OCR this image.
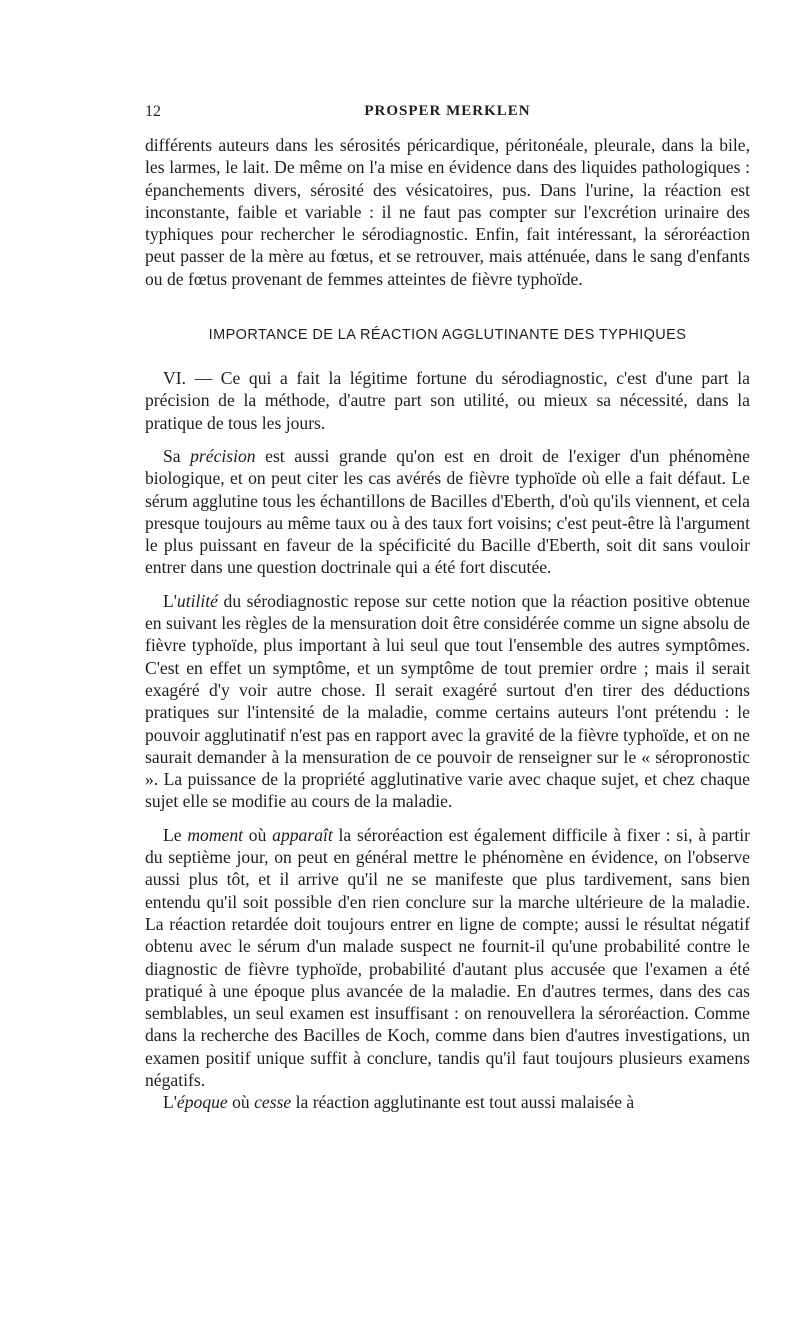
12	PROSPER MERKLEN

différents auteurs dans les sérosités péricardique, péritonéale, pleurale, dans la bile, les larmes, le lait. De même on l'a mise en évidence dans des liquides pathologiques : épanchements divers, sérosité des vésicatoires, pus. Dans l'urine, la réaction est inconstante, faible et variable : il ne faut pas compter sur l'excrétion urinaire des typhiques pour rechercher le sérodiagnostic. Enfin, fait intéressant, la séroréaction peut passer de la mère au fœtus, et se retrouver, mais atténuée, dans le sang d'enfants ou de fœtus provenant de femmes atteintes de fièvre typhoïde.

IMPORTANCE DE LA RÉACTION AGGLUTINANTE DES TYPHIQUES

VI. — Ce qui a fait la légitime fortune du sérodiagnostic, c'est d'une part la précision de la méthode, d'autre part son utilité, ou mieux sa nécessité, dans la pratique de tous les jours.

Sa précision est aussi grande qu'on est en droit de l'exiger d'un phénomène biologique, et on peut citer les cas avérés de fièvre typhoïde où elle a fait défaut. Le sérum agglutine tous les échantillons de Bacilles d'Eberth, d'où qu'ils viennent, et cela presque toujours au même taux ou à des taux fort voisins; c'est peut-être là l'argument le plus puissant en faveur de la spécificité du Bacille d'Eberth, soit dit sans vouloir entrer dans une question doctrinale qui a été fort discutée.

L'utilité du sérodiagnostic repose sur cette notion que la réaction positive obtenue en suivant les règles de la mensuration doit être considérée comme un signe absolu de fièvre typhoïde, plus important à lui seul que tout l'ensemble des autres symptômes. C'est en effet un symptôme, et un symptôme de tout premier ordre ; mais il serait exagéré d'y voir autre chose. Il serait exagéré surtout d'en tirer des déductions pratiques sur l'intensité de la maladie, comme certains auteurs l'ont prétendu : le pouvoir agglutinatif n'est pas en rapport avec la gravité de la fièvre typhoïde, et on ne saurait demander à la mensuration de ce pouvoir de renseigner sur le « séropronostic ». La puissance de la propriété agglutinative varie avec chaque sujet, et chez chaque sujet elle se modifie au cours de la maladie.

Le moment où apparaît la séroréaction est également difficile à fixer : si, à partir du septième jour, on peut en général mettre le phénomène en évidence, on l'observe aussi plus tôt, et il arrive qu'il ne se manifeste que plus tardivement, sans bien entendu qu'il soit possible d'en rien conclure sur la marche ultérieure de la maladie. La réaction retardée doit toujours entrer en ligne de compte; aussi le résultat négatif obtenu avec le sérum d'un malade suspect ne fournit-il qu'une probabilité contre le diagnostic de fièvre typhoïde, probabilité d'autant plus accusée que l'examen a été pratiqué à une époque plus avancée de la maladie. En d'autres termes, dans des cas semblables, un seul examen est insuffisant : on renouvellera la séroréaction. Comme dans la recherche des Bacilles de Koch, comme dans bien d'autres investigations, un examen positif unique suffit à conclure, tandis qu'il faut toujours plusieurs examens négatifs.

L'époque où cesse la réaction agglutinante est tout aussi malaisée à
